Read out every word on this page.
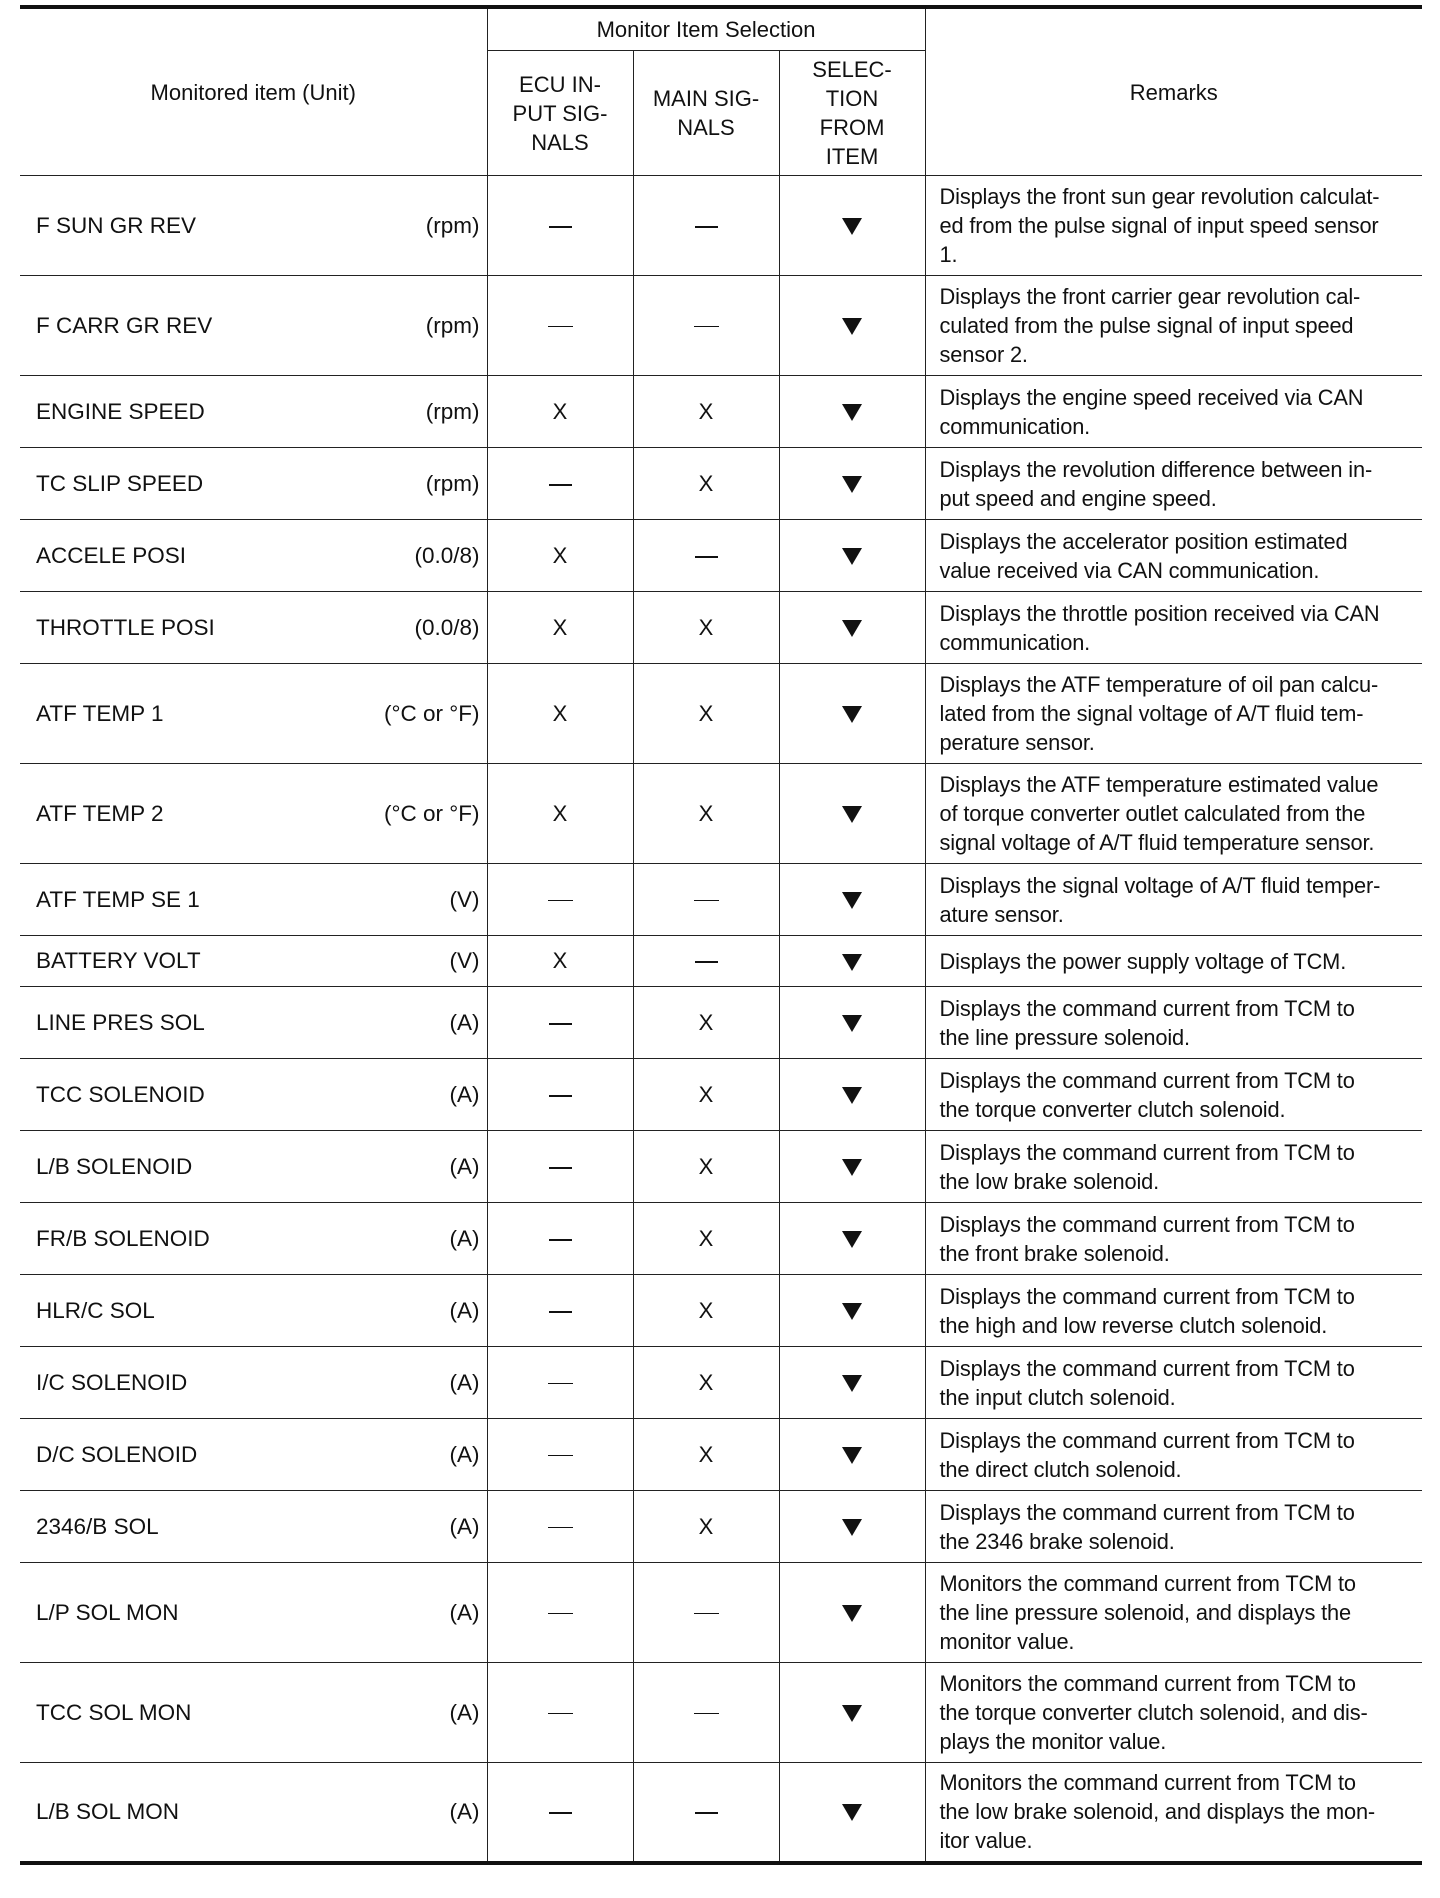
Monitored item (Unit)	Monitor Item Selection			Remarks
	ECU IN-
PUT SIG-
NALS	MAIN SIG-
NALS	SELEC-
TION
FROM
ITEM	

F SUN GR REV (rpm)				Displays the front sun gear revolution calculat-
ed from the pulse signal of input speed sensor
1.

F CARR GR REV (rpm)				Displays the front carrier gear revolution cal-
culated from the pulse signal of input speed
sensor 2.

ENGINE SPEED (rpm)	X	X		Displays the engine speed received via CAN
communication.

TC SLIP SPEED (rpm)		X		Displays the revolution difference between in-
put speed and engine speed.

ACCELE POSI (0.0/8)	X			Displays the accelerator position estimated
value received via CAN communication.

THROTTLE POSI (0.0/8)	X	X		Displays the throttle position received via CAN
communication.

ATF TEMP 1 (°C or °F)	X	X		Displays the ATF temperature of oil pan calcu-
lated from the signal voltage of A/T fluid tem-
perature sensor.

ATF TEMP 2 (°C or °F)	X	X		Displays the ATF temperature estimated value
of torque converter outlet calculated from the
signal voltage of A/T fluid temperature sensor.

ATF TEMP SE 1 (V)				Displays the signal voltage of A/T fluid temper-
ature sensor.

BATTERY VOLT (V)	X			Displays the power supply voltage of TCM.

LINE PRES SOL (A)		X		Displays the command current from TCM to
the line pressure solenoid.

TCC SOLENOID (A)		X		Displays the command current from TCM to
the torque converter clutch solenoid.

L/B SOLENOID (A)		X		Displays the command current from TCM to
the low brake solenoid.

FR/B SOLENOID (A)		X		Displays the command current from TCM to
the front brake solenoid.

HLR/C SOL (A)		X		Displays the command current from TCM to
the high and low reverse clutch solenoid.

I/C SOLENOID (A)		X		Displays the command current from TCM to
the input clutch solenoid.

D/C SOLENOID (A)		X		Displays the command current from TCM to
the direct clutch solenoid.

2346/B SOL (A)		X		Displays the command current from TCM to
the 2346 brake solenoid.

L/P SOL MON (A)				Monitors the command current from TCM to
the line pressure solenoid, and displays the
monitor value.

TCC SOL MON (A)				Monitors the command current from TCM to
the torque converter clutch solenoid, and dis-
plays the monitor value.

L/B SOL MON (A)				Monitors the command current from TCM to
the low brake solenoid, and displays the mon-
itor value.
